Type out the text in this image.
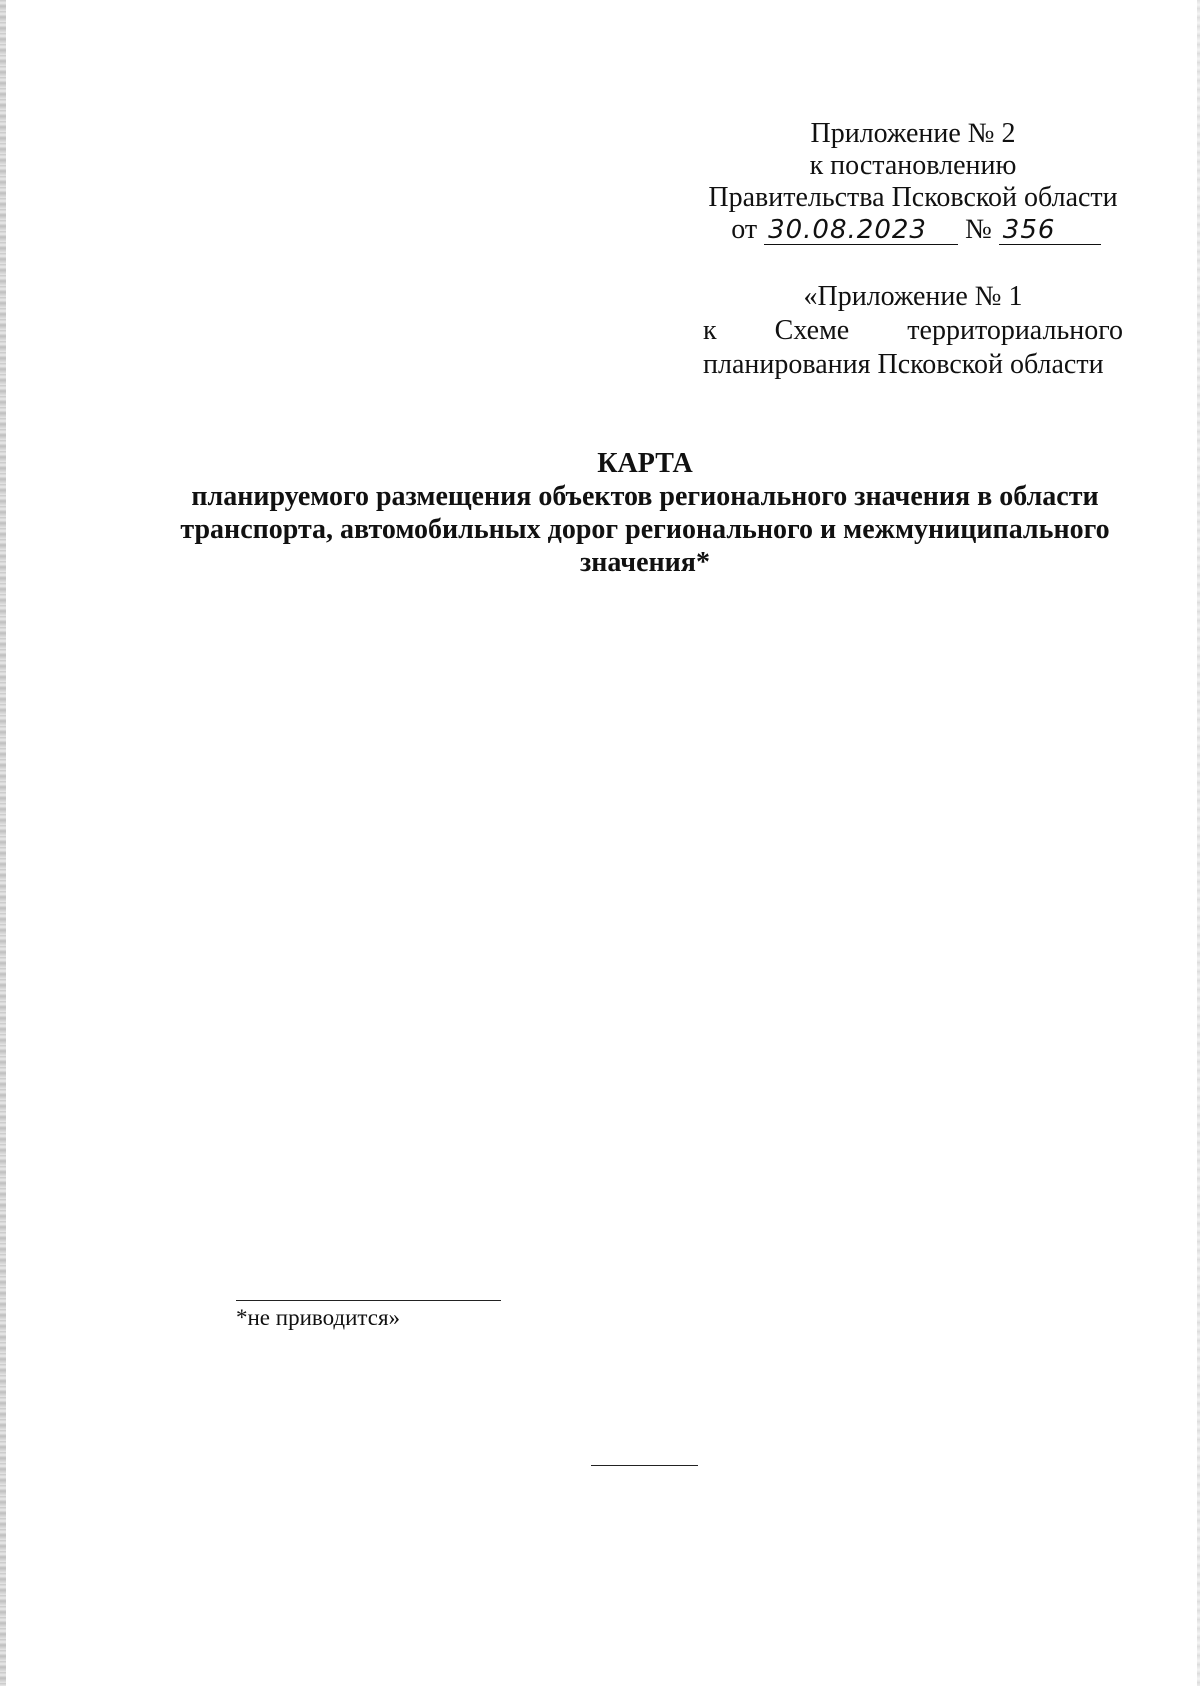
Приложение № 2
к постановлению
Правительства Псковской области
от 30.08.2023 № 356
«Приложение № 1
к Схеме территориального
планирования Псковской области
КАРТА
планируемого размещения объектов регионального значения в области транспорта, автомобильных дорог регионального и межмуниципального значения*
*не приводится»
